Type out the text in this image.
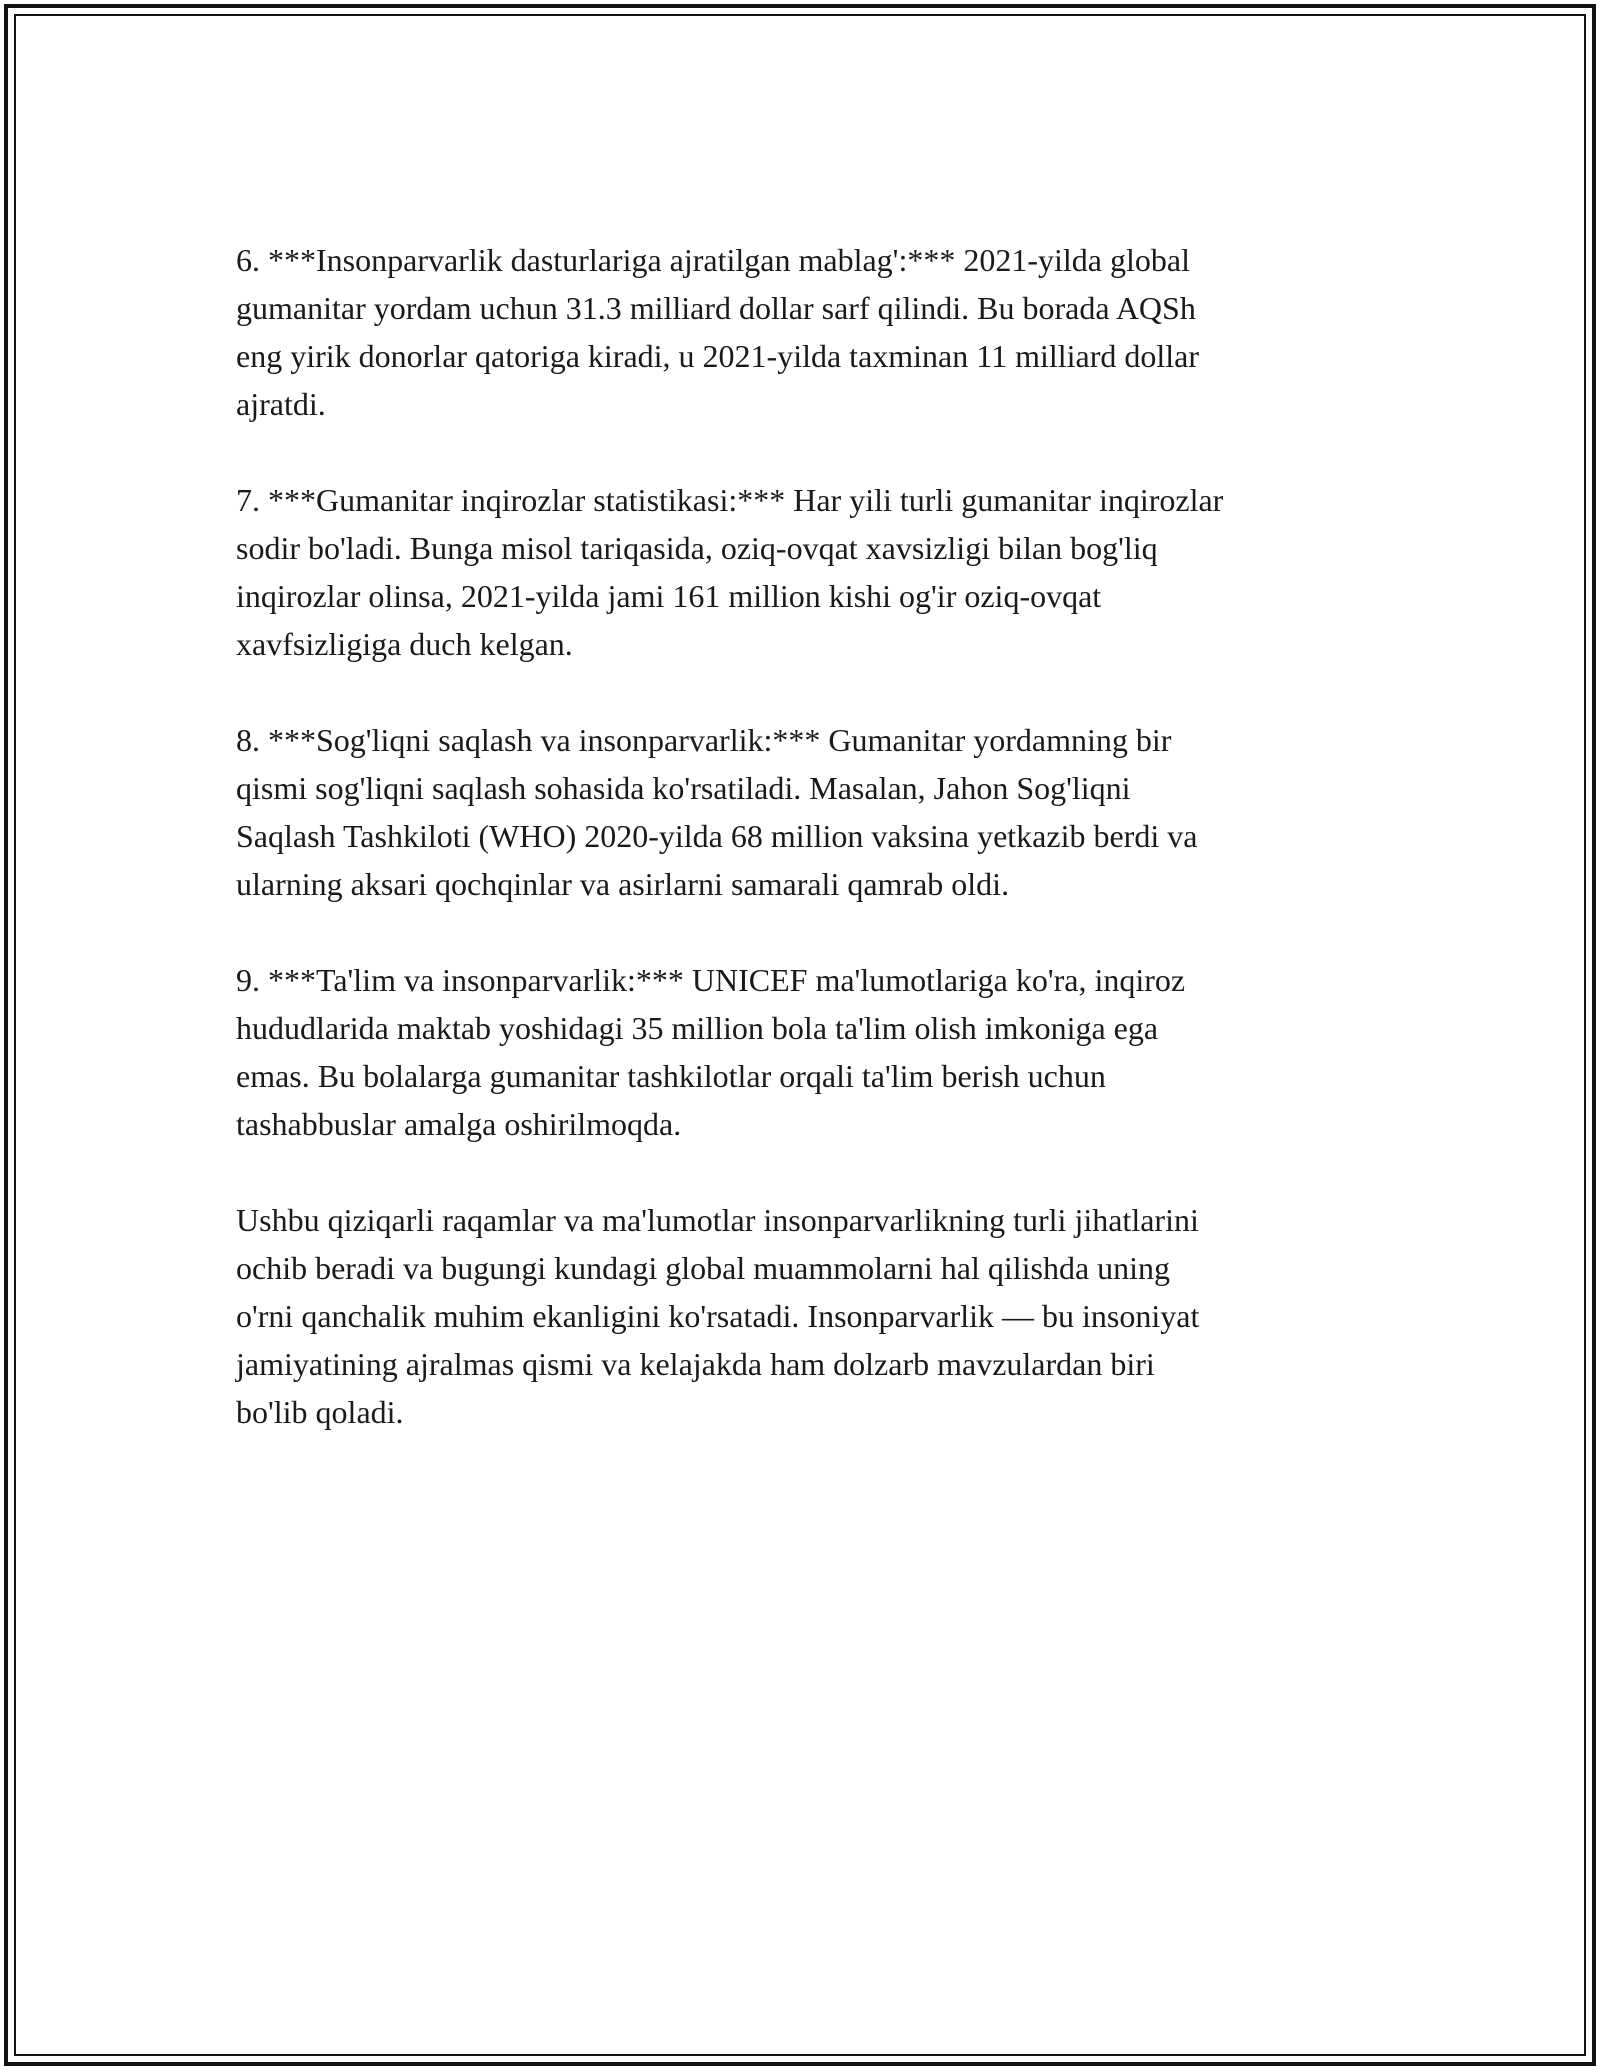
6. ***Insonparvarlik dasturlariga ajratilgan mablag':*** 2021-yilda global
gumanitar yordam uchun 31.3 milliard dollar sarf qilindi. Bu borada AQSh
eng yirik donorlar qatoriga kiradi, u 2021-yilda taxminan 11 milliard dollar
ajratdi.

7. ***Gumanitar inqirozlar statistikasi:*** Har yili turli gumanitar inqirozlar
sodir bo'ladi. Bunga misol tariqasida, oziq-ovqat xavsizligi bilan bog'liq
inqirozlar olinsa, 2021-yilda jami 161 million kishi og'ir oziq-ovqat
xavfsizligiga duch kelgan.

8. ***Sog'liqni saqlash va insonparvarlik:*** Gumanitar yordamning bir
qismi sog'liqni saqlash sohasida ko'rsatiladi. Masalan, Jahon Sog'liqni
Saqlash Tashkiloti (WHO) 2020-yilda 68 million vaksina yetkazib berdi va
ularning aksari qochqinlar va asirlarni samarali qamrab oldi.

9. ***Ta'lim va insonparvarlik:*** UNICEF ma'lumotlariga ko'ra, inqiroz
hududlarida maktab yoshidagi 35 million bola ta'lim olish imkoniga ega
emas. Bu bolalarga gumanitar tashkilotlar orqali ta'lim berish uchun
tashabbuslar amalga oshirilmoqda.

Ushbu qiziqarli raqamlar va ma'lumotlar insonparvarlikning turli jihatlarini
ochib beradi va bugungi kundagi global muammolarni hal qilishda uning
o'rni qanchalik muhim ekanligini ko'rsatadi. Insonparvarlik — bu insoniyat
jamiyatining ajralmas qismi va kelajakda ham dolzarb mavzulardan biri
bo'lib qoladi.
